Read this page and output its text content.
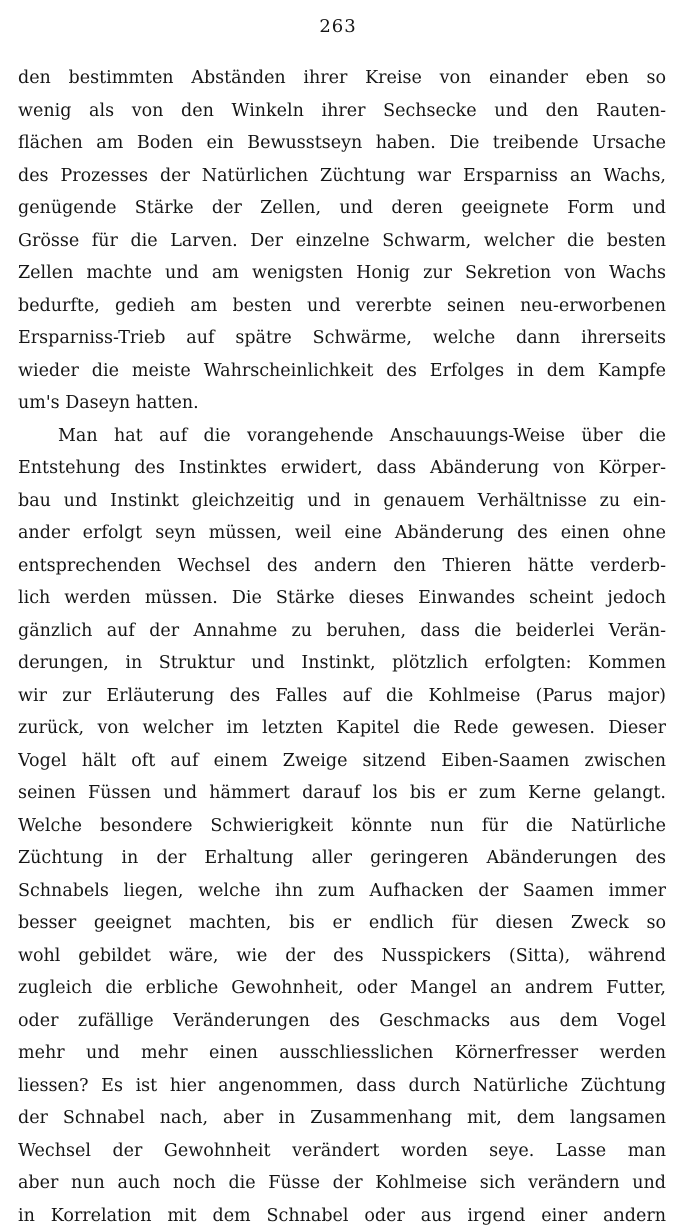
263
den bestimmten Abständen ihrer Kreise von einander eben so
wenig als von den Winkeln ihrer Sechsecke und den Rauten-
flächen am Boden ein Bewusstseyn haben. Die treibende Ursache
des Prozesses der Natürlichen Züchtung war Ersparniss an Wachs,
genügende Stärke der Zellen, und deren geeignete Form und
Grösse für die Larven. Der einzelne Schwarm, welcher die besten
Zellen machte und am wenigsten Honig zur Sekretion von Wachs
bedurfte, gedieh am besten und vererbte seinen neu-erworbenen
Ersparniss-Trieb auf spätre Schwärme, welche dann ihrerseits
wieder die meiste Wahrscheinlichkeit des Erfolges in dem Kampfe
um's Daseyn hatten.
Man hat auf die vorangehende Anschauungs-Weise über die
Entstehung des Instinktes erwidert, dass Abänderung von Körper-
bau und Instinkt gleichzeitig und in genauem Verhältnisse zu ein-
ander erfolgt seyn müssen, weil eine Abänderung des einen ohne
entsprechenden Wechsel des andern den Thieren hätte verderb-
lich werden müssen. Die Stärke dieses Einwandes scheint jedoch
gänzlich auf der Annahme zu beruhen, dass die beiderlei Verän-
derungen, in Struktur und Instinkt, plötzlich erfolgten: Kommen
wir zur Erläuterung des Falles auf die Kohlmeise (Parus major)
zurück, von welcher im letzten Kapitel die Rede gewesen. Dieser
Vogel hält oft auf einem Zweige sitzend Eiben-Saamen zwischen
seinen Füssen und hämmert darauf los bis er zum Kerne gelangt.
Welche besondere Schwierigkeit könnte nun für die Natürliche
Züchtung in der Erhaltung aller geringeren Abänderungen des
Schnabels liegen, welche ihn zum Aufhacken der Saamen immer
besser geeignet machten, bis er endlich für diesen Zweck so
wohl gebildet wäre, wie der des Nusspickers (Sitta), während
zugleich die erbliche Gewohnheit, oder Mangel an andrem Futter,
oder zufällige Veränderungen des Geschmacks aus dem Vogel
mehr und mehr einen ausschliesslichen Körnerfresser werden
liessen? Es ist hier angenommen, dass durch Natürliche Züchtung
der Schnabel nach, aber in Zusammenhang mit, dem langsamen
Wechsel der Gewohnheit verändert worden seye. Lasse man
aber nun auch noch die Füsse der Kohlmeise sich verändern und
in Korrelation mit dem Schnabel oder aus irgend einer andern
